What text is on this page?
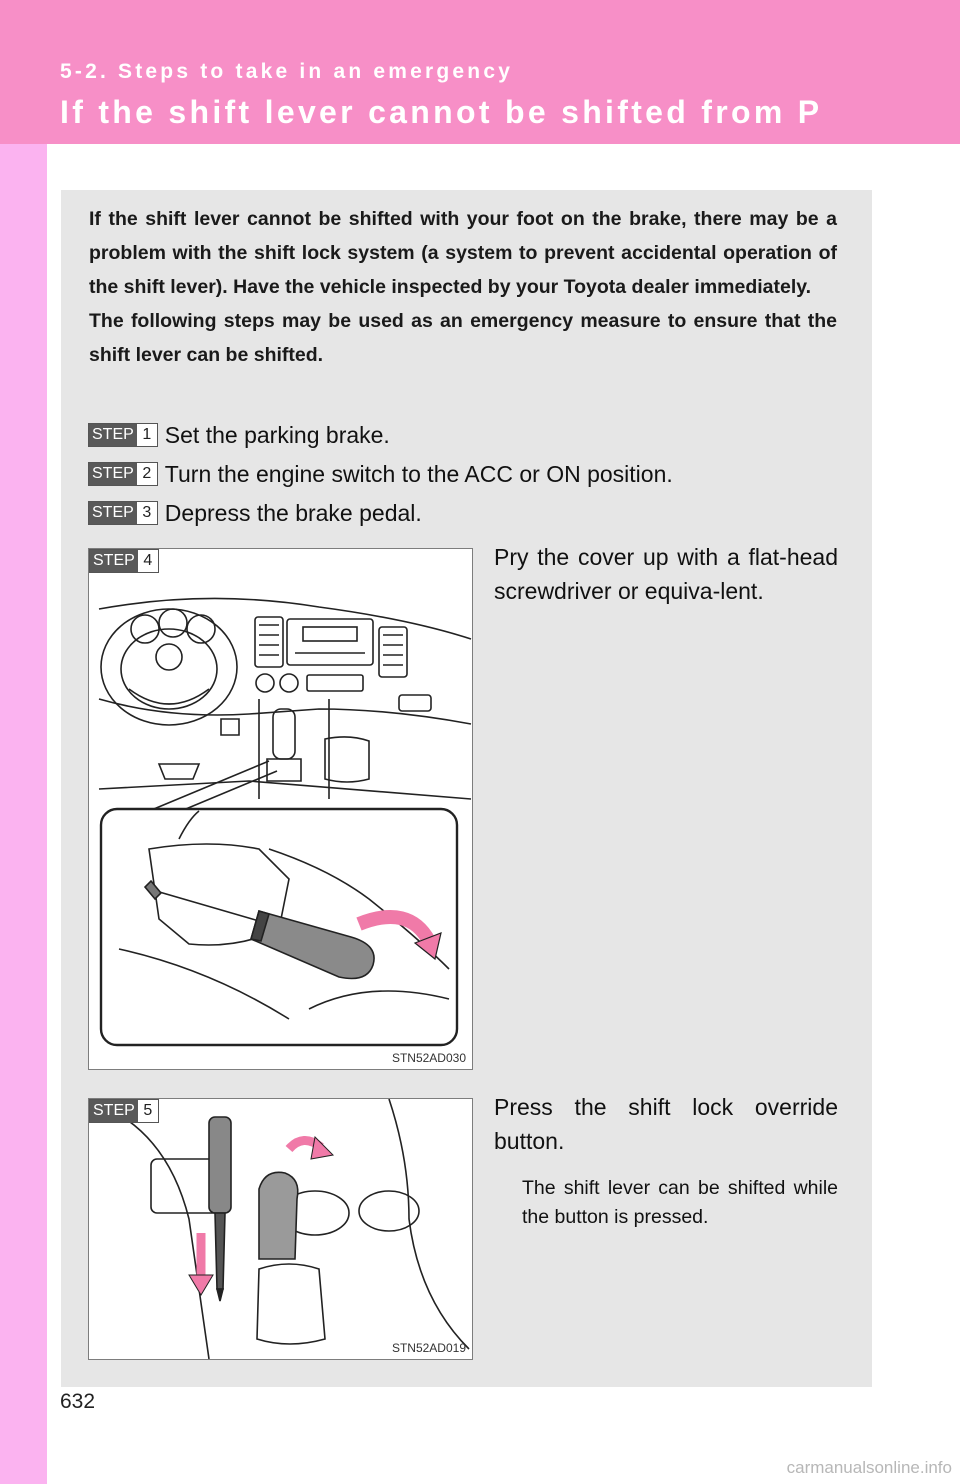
5-2. Steps to take in an emergency

If the shift lever cannot be shifted from P

If the shift lever cannot be shifted with your foot on the brake, there may be a problem with the shift lock system (a system to prevent accidental operation of the shift lever). Have the vehicle inspected by your Toyota dealer immediately.

The following steps may be used as an emergency measure to ensure that the shift lever can be shifted.

STEP 1 Set the parking brake.
STEP 2 Turn the engine switch to the ACC or ON position.
STEP 3 Depress the brake pedal.
STEP 4
STN52AD030
Pry the cover up with a flat-head screwdriver or equiva-lent.
STEP 5
STN52AD019
Press the shift lock override button.
The shift lever can be shifted while the button is pressed.
632
carmanualsonline.info
